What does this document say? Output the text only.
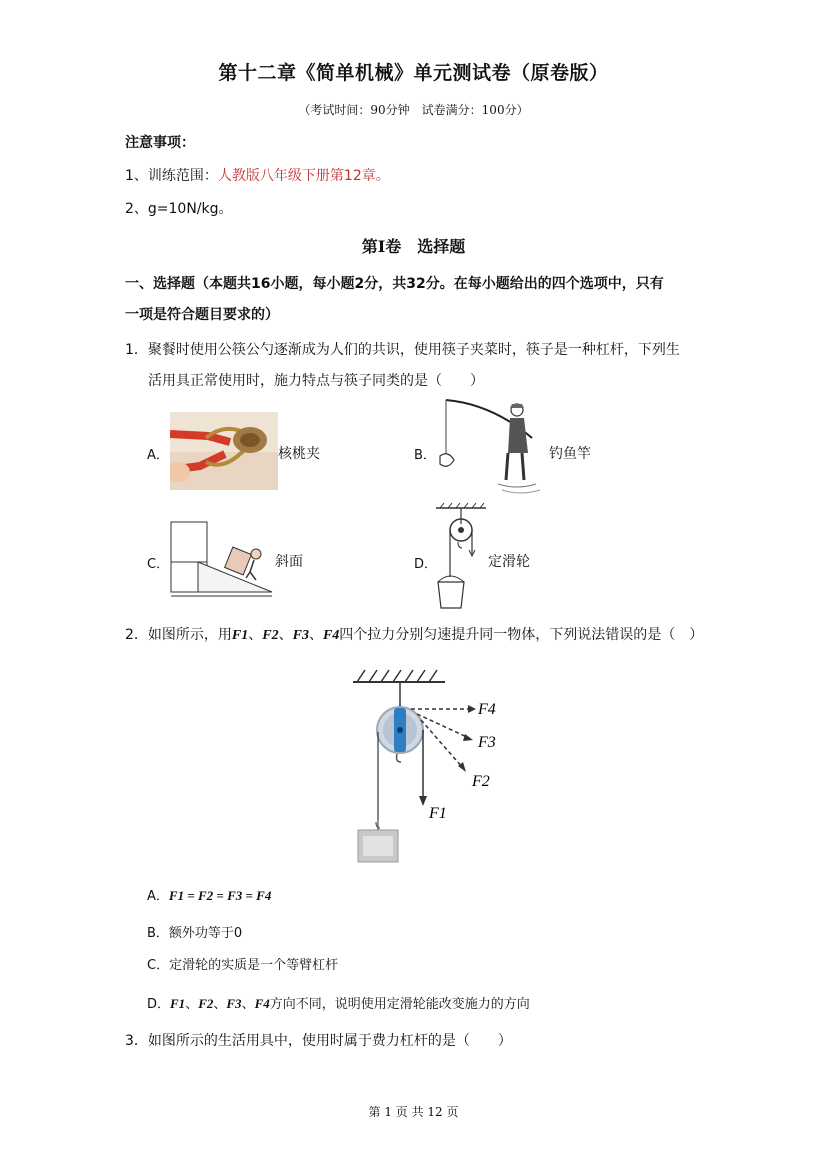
第十二章《简单机械》单元测试卷（原卷版）
（考试时间：90分钟　试卷满分：100分）
注意事项：
1、训练范围：人教版八年级下册第12章。
2、g=10N/kg。
第Ⅰ卷　选择题
一、选择题（本题共16小题，每小题2分，共32分。在每小题给出的四个选项中，只有
一项是符合题目要求的）
1．聚餐时使用公筷公勺逐渐成为人们的共识，使用筷子夹菜时，筷子是一种杠杆，下列生
活用具正常使用时，施力特点与筷子同类的是（　　）
A．	核桃夹	B．	钓鱼竿
C．	斜面	D．	定滑轮
2．如图所示，用F1、F2、F3、F4四个拉力分别匀速提升同一物体，下列说法错误的是（　）
F4
F3
F2
F1
A．F1 = F2 = F3 = F4
B．额外功等于0
C．定滑轮的实质是一个等臂杠杆
D．F1、F2、F3、F4方向不同，说明使用定滑轮能改变施力的方向
3．如图所示的生活用具中，使用时属于费力杠杆的是（　　）
第 1 页 共 12 页
